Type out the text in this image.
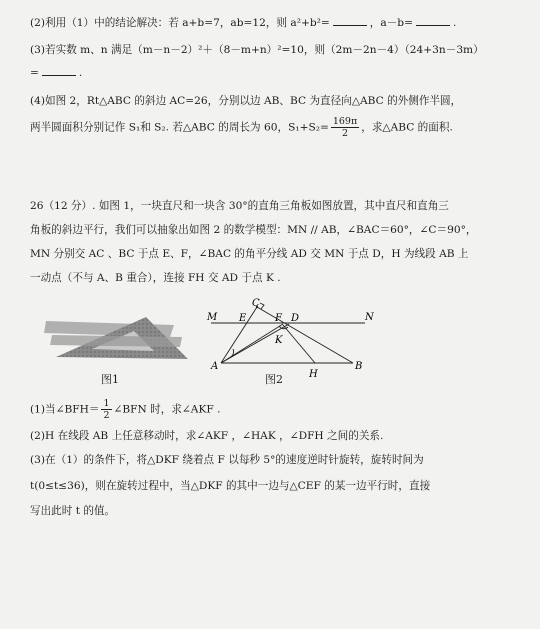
(2)利用（1）中的结论解决：若 a+b=7，ab=12，则 a²+b²=	，a－b=	.
(3)若实数 m、n 满足（m－n－2）²＋（8－m+n）²=10，则（2m－2n－4）（24+3n－3m）
=	.
(4)如图 2，Rt△ABC 的斜边 AC=26，分别以边 AB、BC 为直径向△ABC 的外侧作半圆，
两半圆面积分别记作 S₁和 S₂. 若△ABC 的周长为 60，$S_1+S_2= \frac{169\pi}{2}$ ，求△ABC 的面积.
26（12 分）. 如图 1，一块直尺和一块含 30°的直角三角板如图放置，其中直尺和直角三
角板的斜边平行，我们可以抽象出如图 2 的数学模型：MN // AB，∠BAC＝60°，∠C＝90°，
MN 分别交 AC 、BC 于点 E、F，∠BAC 的角平分线 AD 交 MN 于点 D，H 为线段 AB 上
一动点（不与 A、B 重合），连接 FH 交 AD 于点 K .
图1
M	N
C
E	F D
K
A	B
H
图2
(1)当∠BFH＝ $\frac{1}{2}$ ∠BFN 时，求∠AKF .
(2)H 在线段 AB 上任意移动时，求∠AKF ，∠HAK ，∠DFH 之间的关系.
(3)在（1）的条件下，将△DKF 绕着点 F 以每秒 5°的速度逆时针旋转，旋转时间为
t(0≤t≤36)，则在旋转过程中，当△DKF 的其中一边与△CEF 的某一边平行时，直接
写出此时 t 的值。
